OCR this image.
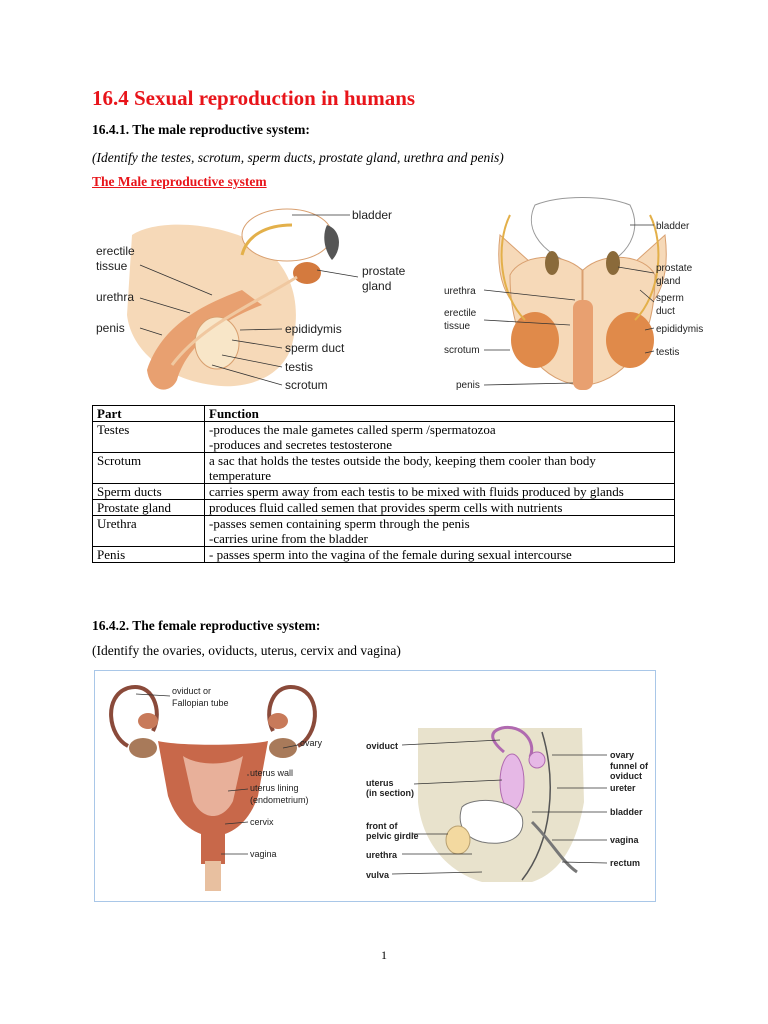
16.4 Sexual reproduction in humans
16.4.1. The male reproductive system:
(Identify the testes, scrotum, sperm ducts, prostate gland, urethra and penis)
The Male reproductive system
bladder
erectile
tissue	prostate
gland
urethra
penis	epididymis
sperm duct
testis
scrotum
bladder
prostate
gland
urethra
sperm
duct
erectile
tissue	epididymis
scrotum	testis
penis
Part	Function
Testes	-produces the male gametes called sperm /spermatozoa
-produces and secretes testosterone

Scrotum	a sac that holds the testes outside the body, keeping them cooler than body
temperature

Sperm ducts	carries sperm away from each testis to be mixed with fluids produced by glands

Prostate gland	produces fluid called semen that provides sperm cells with nutrients

Urethra	-passes semen containing sperm through the penis
-carries urine from the bladder

Penis	- passes sperm into the vagina of the female during sexual intercourse
16.4.2. The female reproductive system:
(Identify the ovaries, oviducts, uterus, cervix and vagina)
oviduct or
Fallopian tube
ovary
uterus wall
uterus lining
(endometrium)
cervix
vagina
oviduct
uterus
(in section)
front of
pelvic girdle
urethra
vulva
ovary
funnel of
oviduct
ureter
bladder
vagina
rectum
1
